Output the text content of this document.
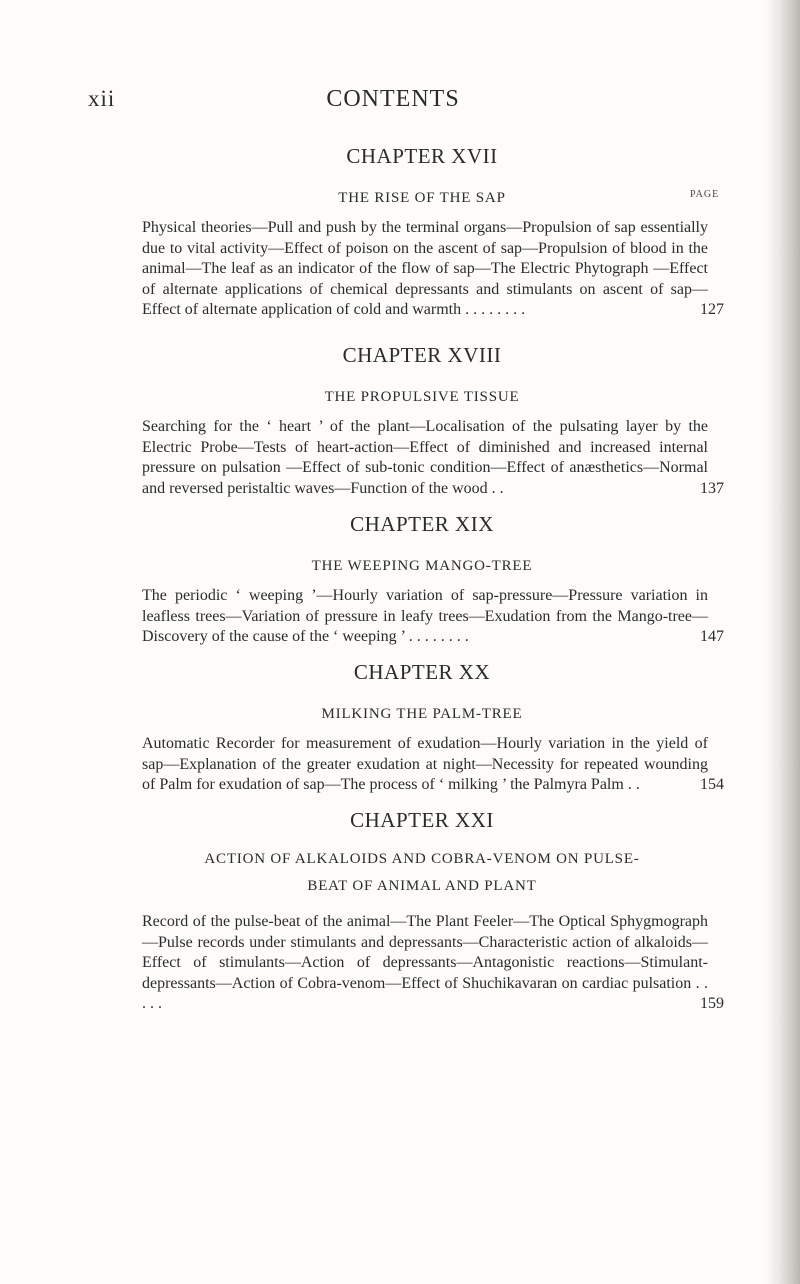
xii	CONTENTS
PAGE
CHAPTER XVII
THE RISE OF THE SAP

Physical theories—Pull and push by the terminal organs—Propulsion of sap essentially due to vital activity—Effect of poison on the ascent of sap—Propulsion of blood in the animal—The leaf as an indicator of the flow of sap—The Electric Phytograph —Effect of alternate applications of chemical depressants and stimulants on ascent of sap—Effect of alternate application of cold and warmth . . . . . . . .	127
CHAPTER XVIII
THE PROPULSIVE TISSUE

Searching for the ‘ heart ’ of the plant—Localisation of the pulsating layer by the Electric Probe—Tests of heart-action—Effect of diminished and increased internal pressure on pulsation —Effect of sub-tonic condition—Effect of anæsthetics—Normal and reversed peristaltic waves—Function of the wood . .	137
CHAPTER XIX
THE WEEPING MANGO-TREE

The periodic ‘ weeping ’—Hourly variation of sap-pressure—Pressure variation in leafless trees—Variation of pressure in leafy trees—Exudation from the Mango-tree—Discovery of the cause of the ‘ weeping ’ . . . . . . . .	147
CHAPTER XX
MILKING THE PALM-TREE

Automatic Recorder for measurement of exudation—Hourly variation in the yield of sap—Explanation of the greater exudation at night—Necessity for repeated wounding of Palm for exudation of sap—The process of ‘ milking ’ the Palmyra Palm . .	154
CHAPTER XXI
ACTION OF ALKALOIDS AND COBRA-VENOM ON PULSE-BEAT OF ANIMAL AND PLANT

Record of the pulse-beat of the animal—The Plant Feeler—The Optical Sphygmograph—Pulse records under stimulants and depressants—Characteristic action of alkaloids—Effect of stimulants—Action of depressants—Antagonistic reactions—Stimulant-depressants—Action of Cobra-venom—Effect of Shuchikavaran on cardiac pulsation . . . . .	159
